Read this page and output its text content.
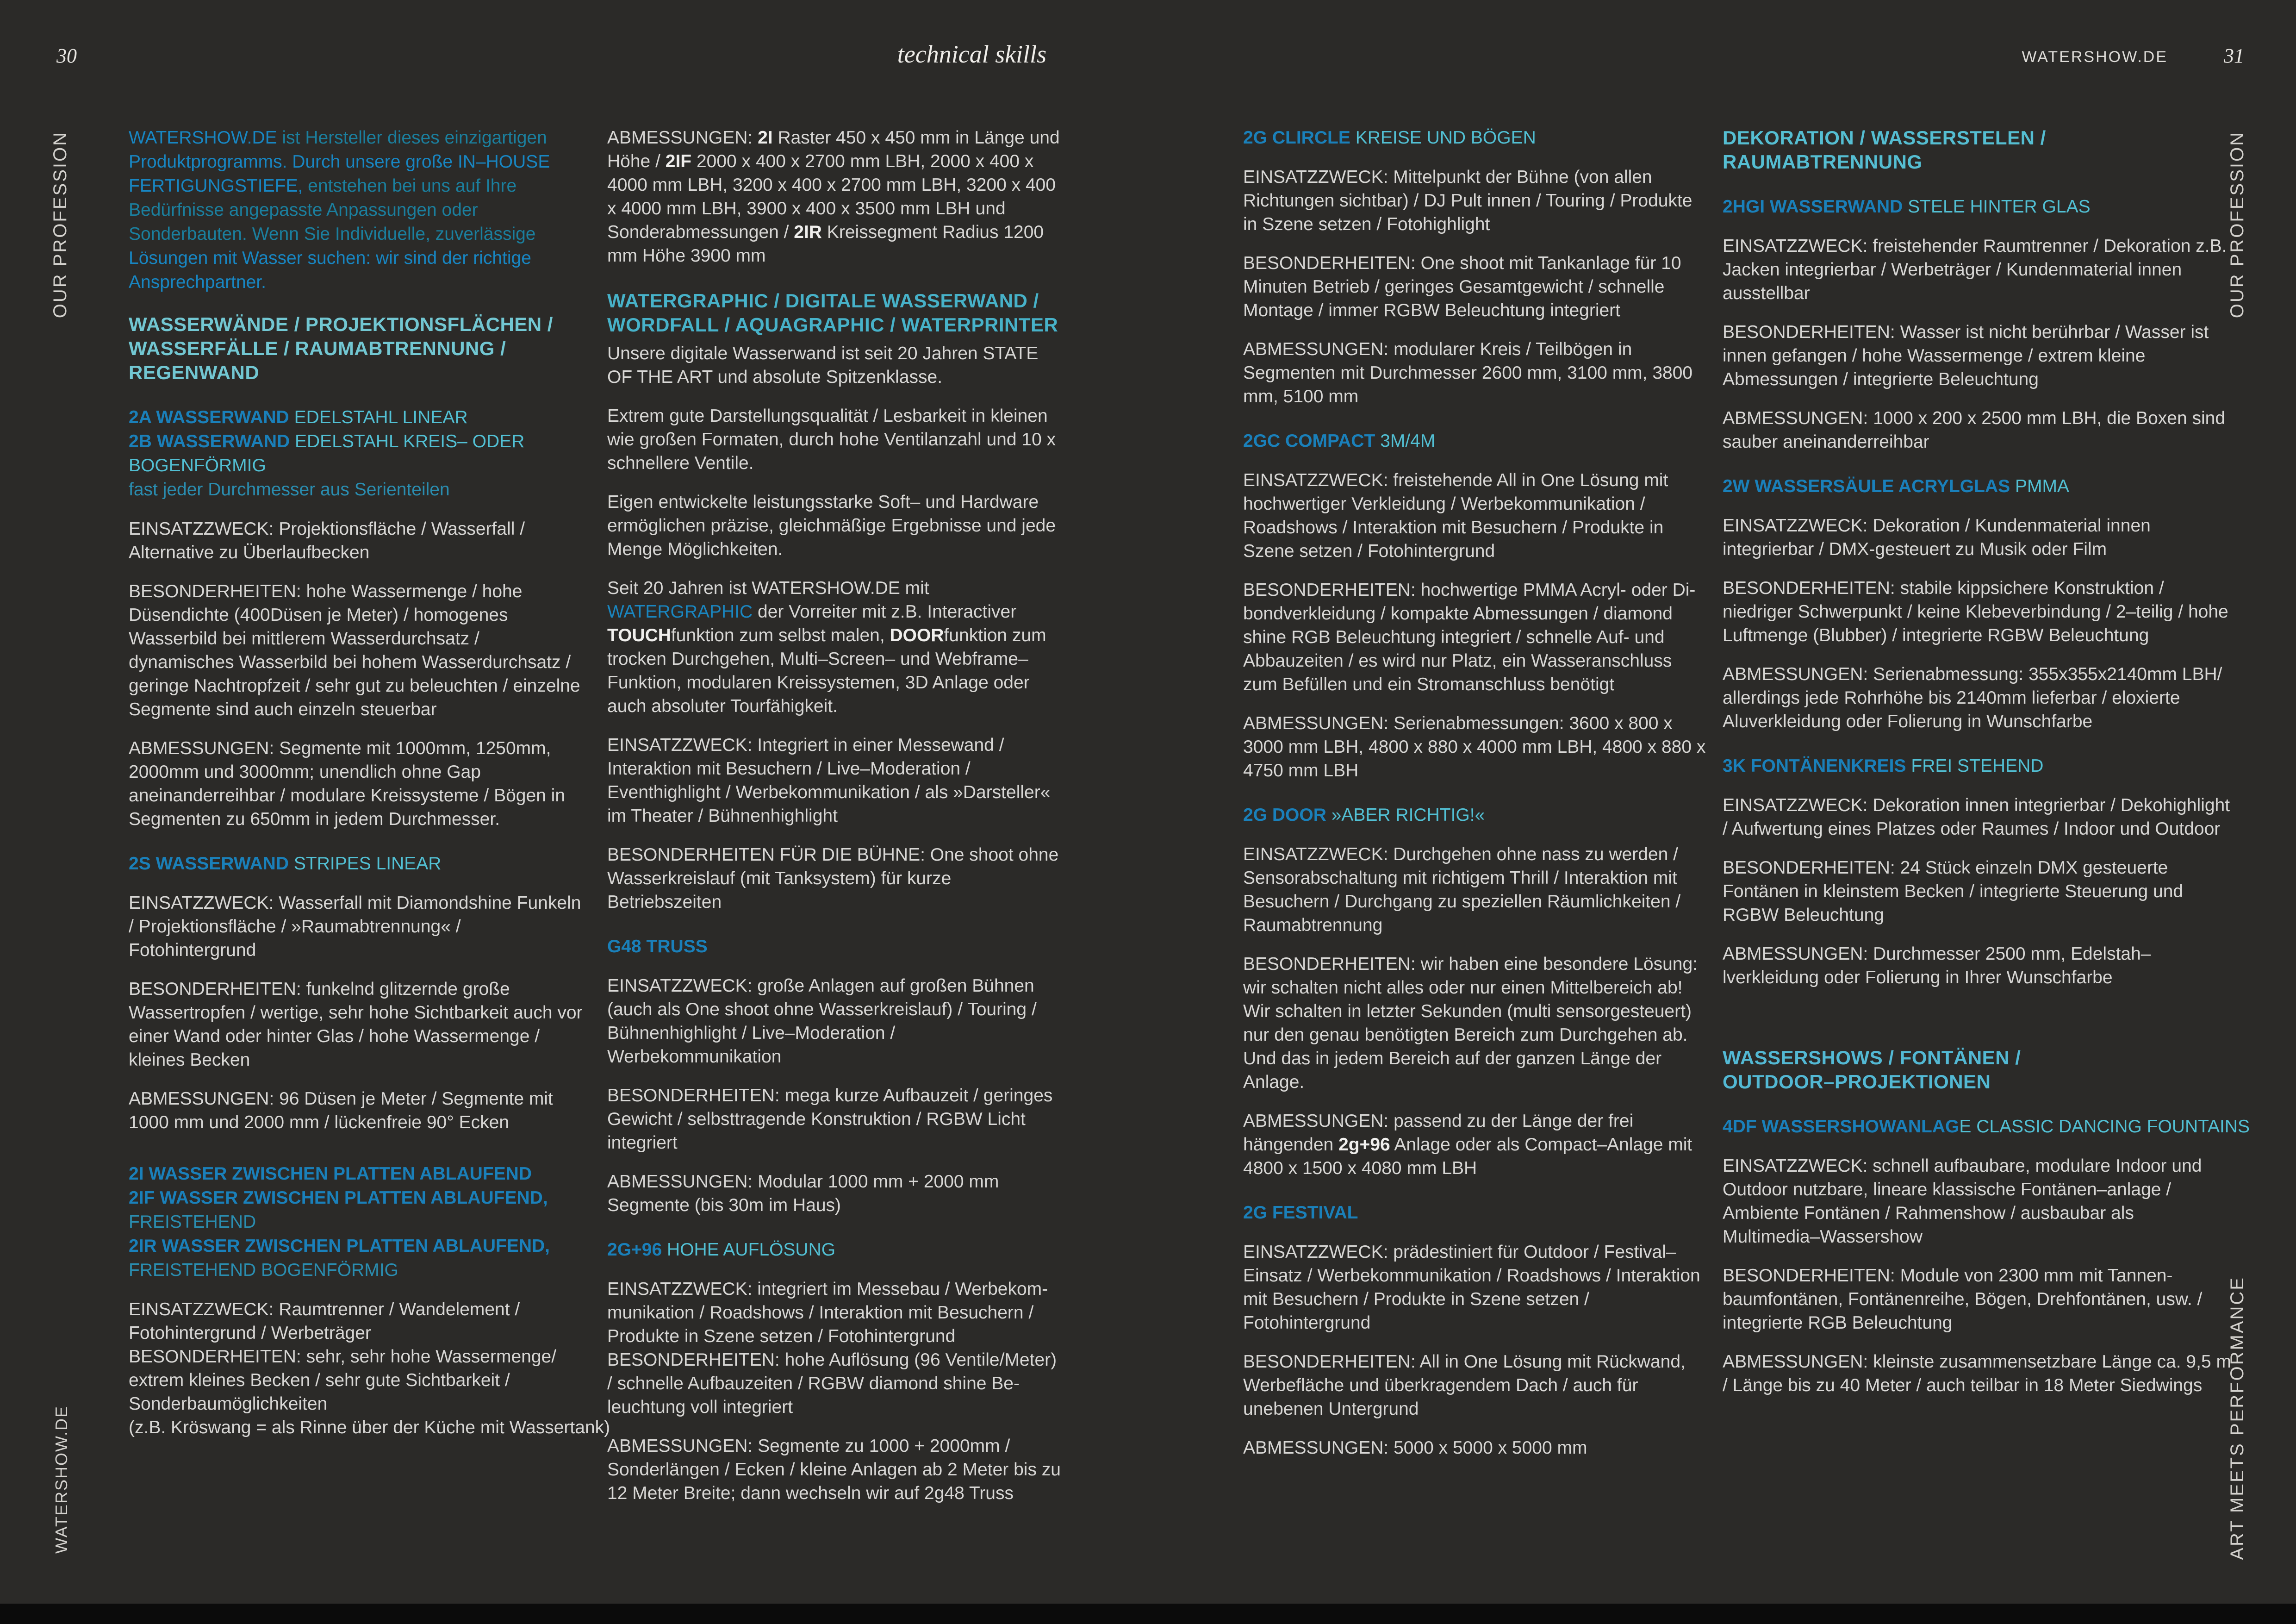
30	technical skills	WATERSHOW.DE	31
OUR PROFESSION
WATERSHOW.DE
OUR PROFESSION
ART MEETS PERFORMANCE
WATERSHOW.DE ist Hersteller dieses einzigartigen Produktprogramms. Durch unsere große IN–HOUSE FERTIGUNGSTIEFE, entstehen bei uns auf Ihre Bedürfnisse angepasste Anpassungen oder Sonderbauten. Wenn Sie Individuelle, zuverlässige Lösungen mit Wasser suchen: wir sind der richtige Ansprechpartner.
WASSERWÄNDE / PROJEKTIONSFLÄCHEN /
WASSERFÄLLE / RAUMABTRENNUNG /
REGENWAND
2A WASSERWAND EDELSTAHL LINEAR
2B WASSERWAND EDELSTAHL KREIS– ODER
BOGENFÖRMIG
fast jeder Durchmesser aus Serienteilen
EINSATZZWECK: Projektionsfläche / Wasserfall / Alternative zu Überlaufbecken
BESONDERHEITEN: hohe Wassermenge / hohe Düsendichte (400Düsen je Meter) / homogenes Wasserbild bei mittlerem Wasserdurchsatz / dynamisches Wasserbild bei hohem Wasserdurchsatz / geringe Nachtropfzeit / sehr gut zu beleuchten / einzelne Segmente sind auch einzeln steuerbar
ABMESSUNGEN: Segmente mit 1000mm, 1250mm, 2000mm und 3000mm; unendlich ohne Gap aneinanderreihbar / modulare Kreissysteme / Bögen in Segmenten zu 650mm in jedem Durchmesser.
2S WASSERWAND STRIPES LINEAR
EINSATZZWECK: Wasserfall mit Diamondshine Funkeln / Projektionsfläche / »Raumabtrennung« / Fotohintergrund
BESONDERHEITEN: funkelnd glitzernde große Wassertropfen / wertige, sehr hohe Sichtbarkeit auch vor einer Wand oder hinter Glas / hohe Wassermenge / kleines Becken
ABMESSUNGEN: 96 Düsen je Meter / Segmente mit 1000 mm und 2000 mm / lückenfreie 90° Ecken
2I WASSER ZWISCHEN PLATTEN ABLAUFEND
2IF WASSER ZWISCHEN PLATTEN ABLAUFEND,
FREISTEHEND
2IR WASSER ZWISCHEN PLATTEN ABLAUFEND,
FREISTEHEND BOGENFÖRMIG
EINSATZZWECK: Raumtrenner / Wandelement / Fotohintergrund / Werbeträger
BESONDERHEITEN: sehr, sehr hohe Wassermenge/ extrem kleines Becken / sehr gute Sichtbarkeit / Sonderbaumöglichkeiten
(z.B. Kröswang = als Rinne über der Küche mit Wassertank)
ABMESSUNGEN: 2I Raster 450 x 450 mm in Länge und Höhe / 2IF 2000 x 400 x 2700 mm LBH, 2000 x 400 x 4000 mm LBH, 3200 x 400 x 2700 mm LBH, 3200 x 400 x 4000 mm LBH, 3900 x 400 x 3500 mm LBH und Sonderabmessungen / 2IR Kreissegment Radius 1200 mm Höhe 3900 mm
WATERGRAPHIC / DIGITALE WASSERWAND /
WORDFALL / AQUAGRAPHIC / WATERPRINTER
Unsere digitale Wasserwand ist seit 20 Jahren STATE OF THE ART und absolute Spitzenklasse.
Extrem gute Darstellungsqualität / Lesbarkeit in kleinen wie großen Formaten, durch hohe Ventilanzahl und 10 x schnellere Ventile.
Eigen entwickelte leistungsstarke Soft– und Hardware ermöglichen präzise, gleichmäßige Ergebnisse und jede Menge Möglichkeiten.
Seit 20 Jahren ist WATERSHOW.DE mit WATERGRAPHIC der Vorreiter mit z.B. Interactiver TOUCHfunktion zum selbst malen, DOORfunktion zum trocken Durchgehen, Multi–Screen– und Webframe–Funktion, modularen Kreissystemen, 3D Anlage oder auch absoluter Tourfähigkeit.
EINSATZZWECK: Integriert in einer Messewand / Interaktion mit Besuchern / Live–Moderation / Eventhighlight / Werbekommunikation / als »Darsteller« im Theater / Bühnenhighlight
BESONDERHEITEN FÜR DIE BÜHNE: One shoot ohne Wasserkreislauf (mit Tanksystem) für kurze Betriebszeiten
G48 TRUSS
EINSATZZWECK: große Anlagen auf großen Bühnen (auch als One shoot ohne Wasserkreislauf) / Touring / Bühnenhighlight / Live–Moderation / Werbekommunikation
BESONDERHEITEN: mega kurze Aufbauzeit / geringes Gewicht / selbsttragende Konstruktion / RGBW Licht integriert
ABMESSUNGEN: Modular 1000 mm + 2000 mm Segmente (bis 30m im Haus)
2G+96 HOHE AUFLÖSUNG
EINSATZZWECK: integriert im Messebau / Werbekom-munikation / Roadshows / Interaktion mit Besuchern / Produkte in Szene setzen / Fotohintergrund
BESONDERHEITEN: hohe Auflösung (96 Ventile/Meter) / schnelle Aufbauzeiten / RGBW diamond shine Be-leuchtung voll integriert
ABMESSUNGEN: Segmente zu 1000 + 2000mm / Sonderlängen / Ecken / kleine Anlagen ab 2 Meter bis zu 12 Meter Breite; dann wechseln wir auf 2g48 Truss
2G CLIRCLE KREISE UND BÖGEN
EINSATZZWECK: Mittelpunkt der Bühne (von allen Richtungen sichtbar) / DJ Pult innen / Touring / Produkte in Szene setzen / Fotohighlight
BESONDERHEITEN: One shoot mit Tankanlage für 10 Minuten Betrieb / geringes Gesamtgewicht / schnelle Montage / immer RGBW Beleuchtung integriert
ABMESSUNGEN: modularer Kreis / Teilbögen in Segmenten mit Durchmesser 2600 mm, 3100 mm, 3800 mm, 5100 mm
2GC COMPACT 3M/4M
EINSATZZWECK: freistehende All in One Lösung mit hochwertiger Verkleidung / Werbekommunikation / Roadshows / Interaktion mit Besuchern / Produkte in Szene setzen / Fotohintergrund
BESONDERHEITEN: hochwertige PMMA Acryl- oder Di-bondverkleidung / kompakte Abmessungen / diamond shine RGB Beleuchtung integriert / schnelle Auf- und Abbauzeiten / es wird nur Platz, ein Wasseranschluss zum Befüllen und ein Stromanschluss benötigt
ABMESSUNGEN: Serienabmessungen: 3600 x 800 x 3000 mm LBH, 4800 x 880 x 4000 mm LBH, 4800 x 880 x 4750 mm LBH
2G DOOR »ABER RICHTIG!«
EINSATZZWECK: Durchgehen ohne nass zu werden / Sensorabschaltung mit richtigem Thrill / Interaktion mit Besuchern / Durchgang zu speziellen Räumlichkeiten / Raumabtrennung
BESONDERHEITEN: wir haben eine besondere Lösung: wir schalten nicht alles oder nur einen Mittelbereich ab! Wir schalten in letzter Sekunden (multi sensorgesteuert) nur den genau benötigten Bereich zum Durchgehen ab. Und das in jedem Bereich auf der ganzen Länge der Anlage.
ABMESSUNGEN: passend zu der Länge der frei hängenden 2g+96 Anlage oder als Compact–Anlage mit 4800 x 1500 x 4080 mm LBH
2G FESTIVAL
EINSATZZWECK: prädestiniert für Outdoor / Festival–Einsatz / Werbekommunikation / Roadshows / Interaktion mit Besuchern / Produkte in Szene setzen / Fotohintergrund
BESONDERHEITEN: All in One Lösung mit Rückwand, Werbefläche und überkragendem Dach / auch für unebenen Untergrund
ABMESSUNGEN: 5000 x 5000 x 5000 mm
DEKORATION / WASSERSTELEN /
RAUMABTRENNUNG
2HGI WASSERWAND STELE HINTER GLAS
EINSATZZWECK: freistehender Raumtrenner / Dekoration z.B. Jacken integrierbar / Werbeträger / Kundenmaterial innen ausstellbar
BESONDERHEITEN: Wasser ist nicht berührbar / Wasser ist innen gefangen / hohe Wassermenge / extrem kleine Abmessungen / integrierte Beleuchtung
ABMESSUNGEN: 1000 x 200 x 2500 mm LBH, die Boxen sind sauber aneinanderreihbar
2W WASSERSÄULE ACRYLGLAS PMMA
EINSATZZWECK: Dekoration / Kundenmaterial innen integrierbar / DMX-gesteuert zu Musik oder Film
BESONDERHEITEN: stabile kippsichere Konstruktion / niedriger Schwerpunkt / keine Klebeverbindung / 2–teilig / hohe Luftmenge (Blubber) / integrierte RGBW Beleuchtung
ABMESSUNGEN: Serienabmessung: 355x355x2140mm LBH/ allerdings jede Rohrhöhe bis 2140mm lieferbar / eloxierte Aluverkleidung oder Folierung in Wunschfarbe
3K FONTÄNENKREIS FREI STEHEND
EINSATZZWECK: Dekoration innen integrierbar / Dekohighlight / Aufwertung eines Platzes oder Raumes / Indoor und Outdoor
BESONDERHEITEN: 24 Stück einzeln DMX gesteuerte Fontänen in kleinstem Becken / integrierte Steuerung und RGBW Beleuchtung
ABMESSUNGEN: Durchmesser 2500 mm, Edelstah–lverkleidung oder Folierung in Ihrer Wunschfarbe
WASSERSHOWS / FONTÄNEN /
OUTDOOR–PROJEKTIONEN
4DF WASSERSHOWANLAGE CLASSIC DANCING FOUNTAINS
EINSATZZWECK: schnell aufbaubare, modulare Indoor und Outdoor nutzbare, lineare klassische Fontänen–anlage / Ambiente Fontänen / Rahmenshow / ausbaubar als Multimedia–Wassershow
BESONDERHEITEN: Module von 2300 mm mit Tannen-baumfontänen, Fontänenreihe, Bögen, Drehfontänen, usw. / integrierte RGB Beleuchtung
ABMESSUNGEN: kleinste zusammensetzbare Länge ca. 9,5 m / Länge bis zu 40 Meter / auch teilbar in 18 Meter Siedwings
